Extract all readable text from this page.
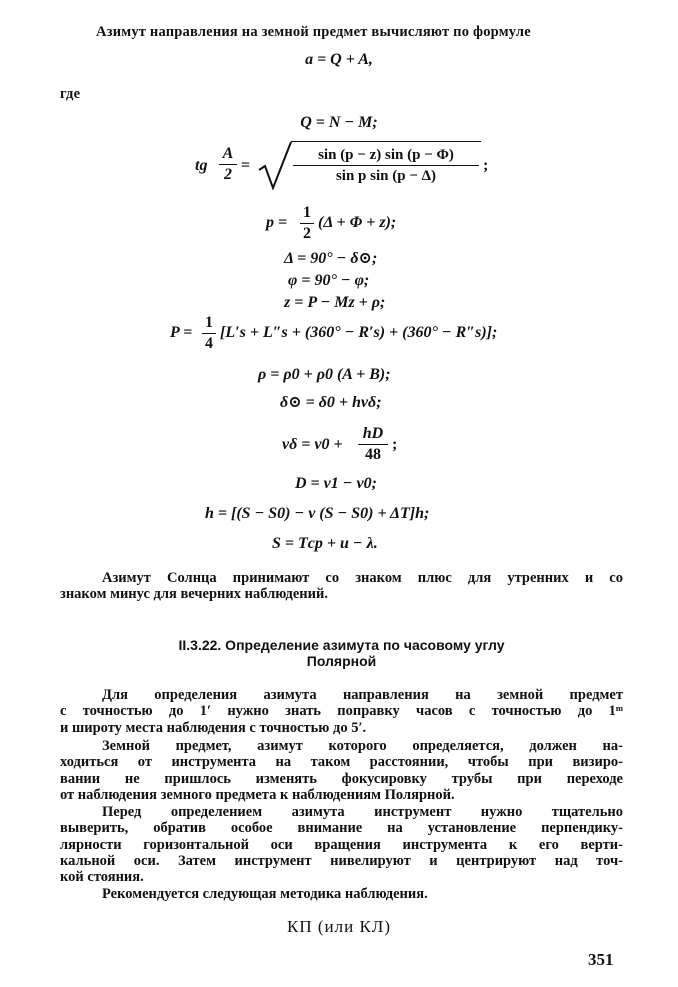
Азимут направления на земной предмет вычисляют по формуле
a = Q + A,
где
Q = N − M;
tg $\frac{A}{2}$ =	$\frac{\sin (p - z) \sin (p - \Phi)}{\text{sin p sin (p − Δ)}}$ ;
$p = \frac{1}{2} (\Delta + \Phi + z)$;
Δ = 90° − δ⊙;
φ = 90° − φ;
z = P − Mz + ρ;
$P = \frac{1}{4} [L's + L''s + (360^\circ - R's) + (360^\circ - R''s)]$;
ρ = ρ0 + ρ0 (A + B);
δ⊙ = δ0 + hvδ;
$v\delta = v0 + \frac{hD}{48}$ ;
D = v1 − v0;
h = [(S − S0) − ν (S − S0) + ΔT]h;
S = Tср + u − λ.
Азимут Солнца принимают со знаком плюс для утренних и со
знаком минус для вечерних наблюдений.
II.3.22. Определение азимута по часовому углу
Полярной
Для определения азимута направления на земной предмет
с точностью до 1′ нужно знать поправку часов с точностью до 1ᵐ
и широту места наблюдения с точностью до 5′.
Земной предмет, азимут которого определяется, должен на-
ходиться от инструмента на таком расстоянии, чтобы при визиро-
вании не пришлось изменять фокусировку трубы при переходе
от наблюдения земного предмета к наблюдениям Полярной.
Перед определением азимута инструмент нужно тщательно
выверить, обратив особое внимание на установление перпендику-
лярности горизонтальной оси вращения инструмента к его верти-
кальной оси. Затем инструмент нивелируют и центрируют над точ-
кой стояния.
Рекомендуется следующая методика наблюдения.
КП (или КЛ)
351
